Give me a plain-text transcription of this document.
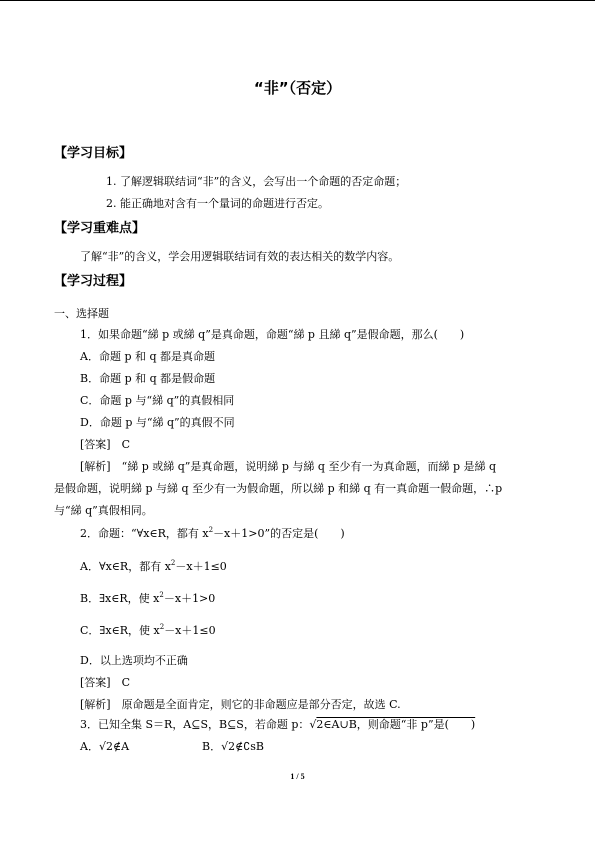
“非”（否定）
【学习目标】
1. 了解逻辑联结词“非”的含义，会写出一个命题的否定命题；
2. 能正确地对含有一个量词的命题进行否定。
【学习重难点】
了解“非”的含义，学会用逻辑联结词有效的表达相关的数学内容。
【学习过程】
一、选择题
1．如果命题“綈 p 或綈 q”是真命题，命题“綈 p 且綈 q”是假命题，那么(　　)
A．命题 p 和 q 都是真命题
B．命题 p 和 q 都是假命题
C．命题 p 与“綈 q”的真假相同
D．命题 p 与“綈 q”的真假不同
[答案]　C
[解析]　“綈 p 或綈 q”是真命题，说明綈 p 与綈 q 至少有一为真命题，而綈 p 是綈 q
是假命题，说明綈 p 与綈 q 至少有一为假命题，所以綈 p 和綈 q 有一真命题一假命题，∴p
与“綈 q”真假相同。
2．命题：“∀x∈R，都有 $x^2-x+1>0$”的否定是(　　)
A．∀x∈R，都有 $x^2-x+1\le 0$
B．∃x∈R，使 $x^2-x+1>0$
C．∃x∈R，使 $x^2-x+1\le 0$
D．以上选项均不正确
[答案]　C
[解析]　原命题是全面肯定，则它的非命题应是部分否定，故选 C.
3．已知全集 S＝R，A⊆S，B⊆S，若命题 p：√2∈A∪B，则命题“非 p”是(　　)
A．√2∉A	B．√2∉∁sB
1 / 5
